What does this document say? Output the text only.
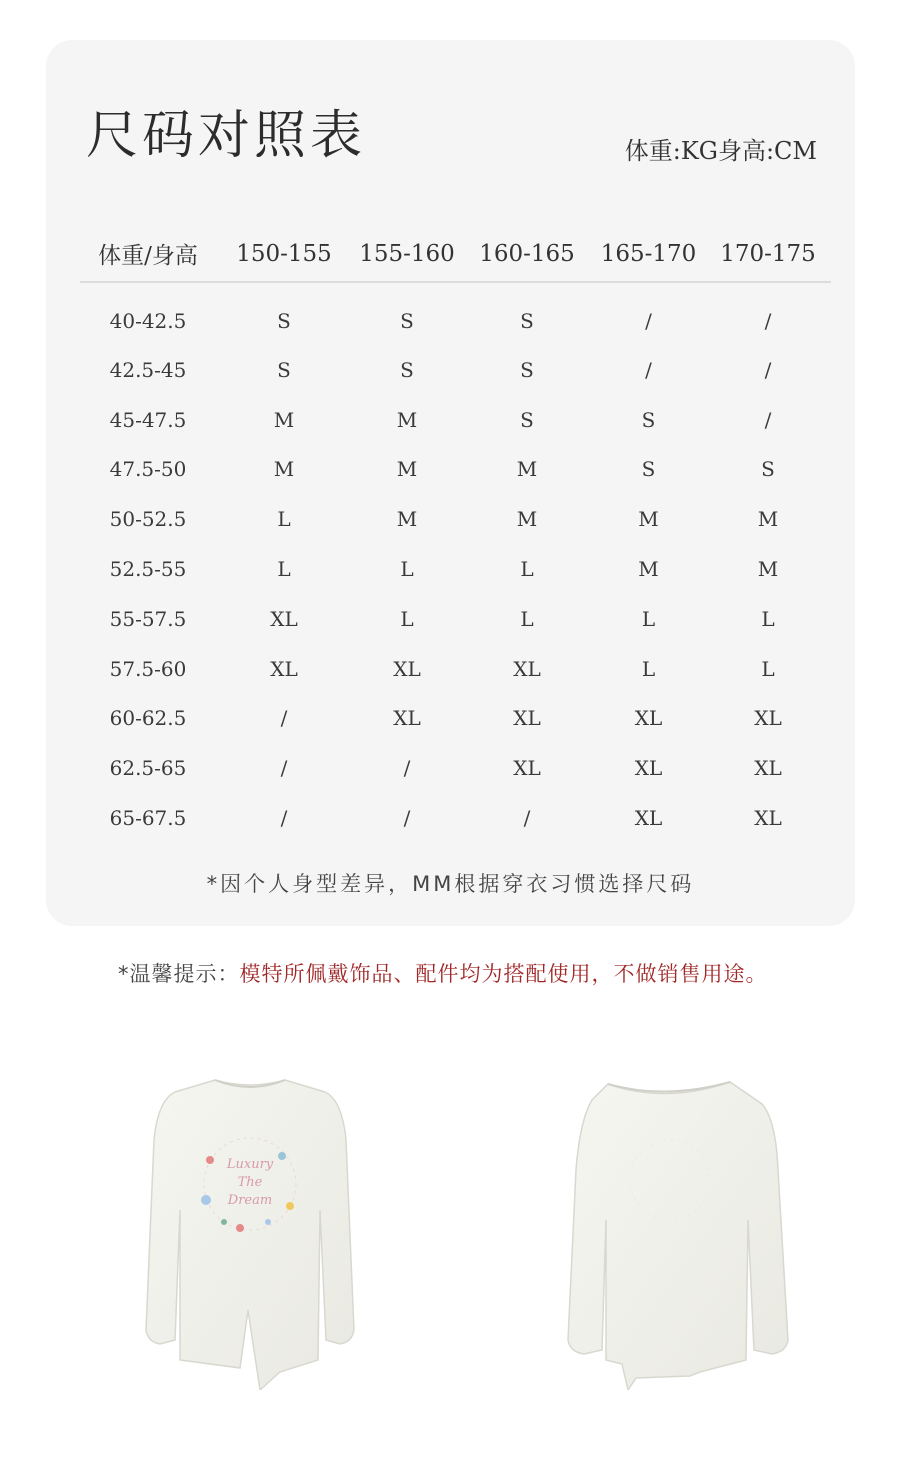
尺码对照表	体重:KG身高:CM
体重/身高	150-155	155-160	160-165	165-170	170-175
40-42.5	S	S	S	/	/
42.5-45	S	S	S	/	/
45-47.5	M	M	S	S	/
47.5-50	M	M	M	S	S
50-52.5	L	M	M	M	M
52.5-55	L	L	L	M	M
55-57.5	XL	L	L	L	L
57.5-60	XL	XL	XL	L	L
60-62.5	/	XL	XL	XL	XL
62.5-65	/	/	XL	XL	XL
65-67.5	/	/	/	XL	XL
*因个人身型差异，MM根据穿衣习惯选择尺码
*温馨提示：模特所佩戴饰品、配件均为搭配使用，不做销售用途。
Luxury
The
Dream
